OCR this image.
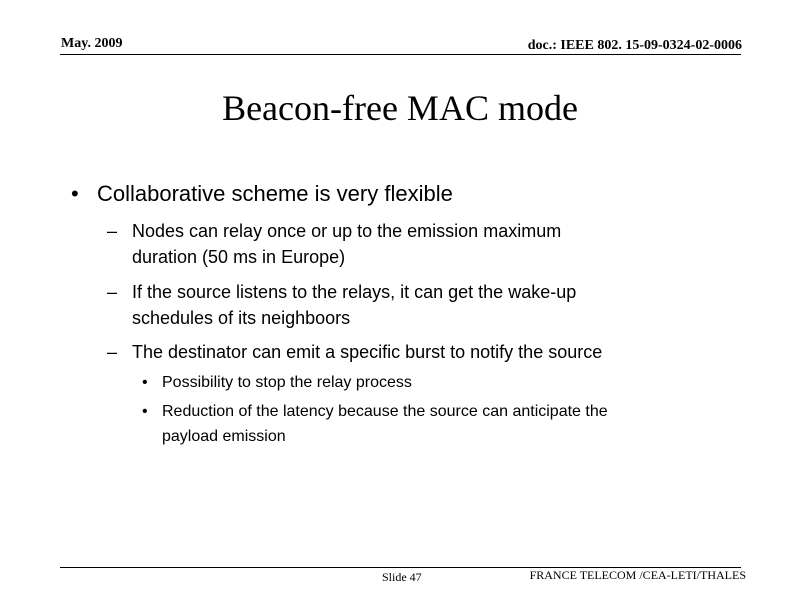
May. 2009	doc.: IEEE 802. 15-09-0324-02-0006
Beacon-free MAC mode
• Collaborative scheme is very flexible
– Nodes can relay once or up to the emission maximum
duration (50 ms in Europe)
– If the source listens to the relays, it can get the wake-up
schedules of its neighboors
– The destinator can emit a specific burst to notify the source
• Possibility to stop the relay process
• Reduction of the latency because the source can anticipate the
payload emission
Slide 47	FRANCE TELECOM /CEA-LETI/THALES
